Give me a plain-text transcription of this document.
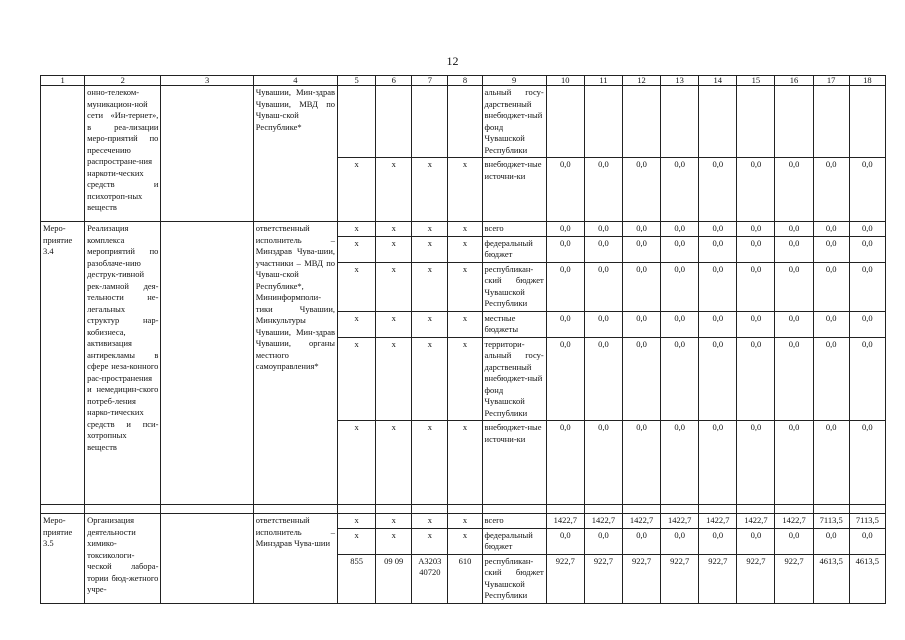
12
1	2	3	4	5	6	7	8	9	10	11	12	13	14	15	16	17	18
	онно-телеком-муникацион-ной сети «Ин-тернет», в реа-лизации меро-приятий по пресечению распростране-ния наркоти-ческих средств и психотроп-ных веществ		Чувашии, Мин-здрав Чувашии, МВД по Чуваш-ской Республике*					альный госу-дарственный внебюджет-ный фонд Чувашской Республики									
				x	x	x	x	внебюджет-ные источни-ки	0,0	0,0	0,0	0,0	0,0	0,0	0,0	0,0	0,0
Меро-приятие 3.4	Реализация комплекса мероприятий по разоблаче-нию деструк-тивной рек-ламной дея-тельности не-легальных структур нар-кобизнеса, активизация антирекламы в сфере неза-конного рас-пространения и немедицин-ского потреб-ления нарко-тических средств и пси-хотропных веществ		ответственный исполнитель – Минздрав Чува-шии, участники – МВД по Чуваш-ской Республике*, Мининформполи-тики Чувашии, Минкультуры Чувашии, Мин-здрав Чувашии, органы местного самоуправления*	x	x	x	x	всего	0,0	0,0	0,0	0,0	0,0	0,0	0,0	0,0	0,0
				x	x	x	x	федеральный бюджет	0,0	0,0	0,0	0,0	0,0	0,0	0,0	0,0	0,0
				x	x	x	x	республикан-ский бюджет Чувашской Республики	0,0	0,0	0,0	0,0	0,0	0,0	0,0	0,0	0,0
				x	x	x	x	местные бюджеты	0,0	0,0	0,0	0,0	0,0	0,0	0,0	0,0	0,0
				x	x	x	x	территори-альный госу-дарственный внебюджет-ный фонд Чувашской Республики	0,0	0,0	0,0	0,0	0,0	0,0	0,0	0,0	0,0
				x	x	x	x	внебюджет-ные источни-ки	0,0	0,0	0,0	0,0	0,0	0,0	0,0	0,0	0,0

Меро-приятие 3.5	Организация деятельности химико-токсикологи-ческой лабора-тории бюд-жетного учре-		ответственный исполнитель – Минздрав Чува-шии	x	x	x	x	всего	1422,7	1422,7	1422,7	1422,7	1422,7	1422,7	1422,7	7113,5	7113,5
				x	x	x	x	федеральный бюджет	0,0	0,0	0,0	0,0	0,0	0,0	0,0	0,0	0,0
				855	09 09	А3203 40720	610	республикан-ский бюджет Чувашской Республики	922,7	922,7	922,7	922,7	922,7	922,7	922,7	4613,5	4613,5
